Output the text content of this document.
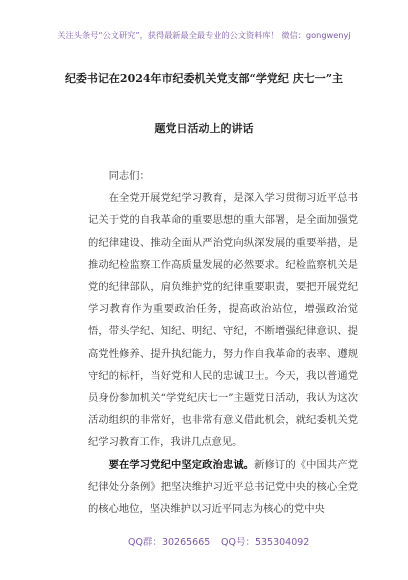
关注头条号“公文研究”，获得最新最全最专业的公文资料库！ 微信：gongwenyj
纪委书记在2024年市纪委机关党支部“学党纪 庆七一”主
题党日活动上的讲话

同志们：

在全党开展党纪学习教育，是深入学习贯彻习近平总书记关于党的自我革命的重要思想的重大部署，是全面加强党的纪律建设、推动全面从严治党向纵深发展的重要举措，是推动纪检监察工作高质量发展的必然要求。纪检监察机关是党的纪律部队，肩负维护党的纪律重要职责，要把开展党纪学习教育作为重要政治任务，提高政治站位，增强政治觉悟，带头学纪、知纪、明纪、守纪，不断增强纪律意识、提高党性修养、提升执纪能力，努力作自我革命的表率、遵规守纪的标杆，当好党和人民的忠诚卫士。今天，我以普通党员身份参加机关“学党纪庆七一”主题党日活动，我认为这次活动组织的非常好，也非常有意义借此机会，就纪委机关党纪学习教育工作，我讲几点意见。

要在学习党纪中坚定政治忠诚。新修订的《中国共产党纪律处分条例》把坚决维护习近平总书记党中央的核心全党的核心地位，坚决维护以习近平同志为核心的党中央

QQ群：30265665 QQ号：535304092
